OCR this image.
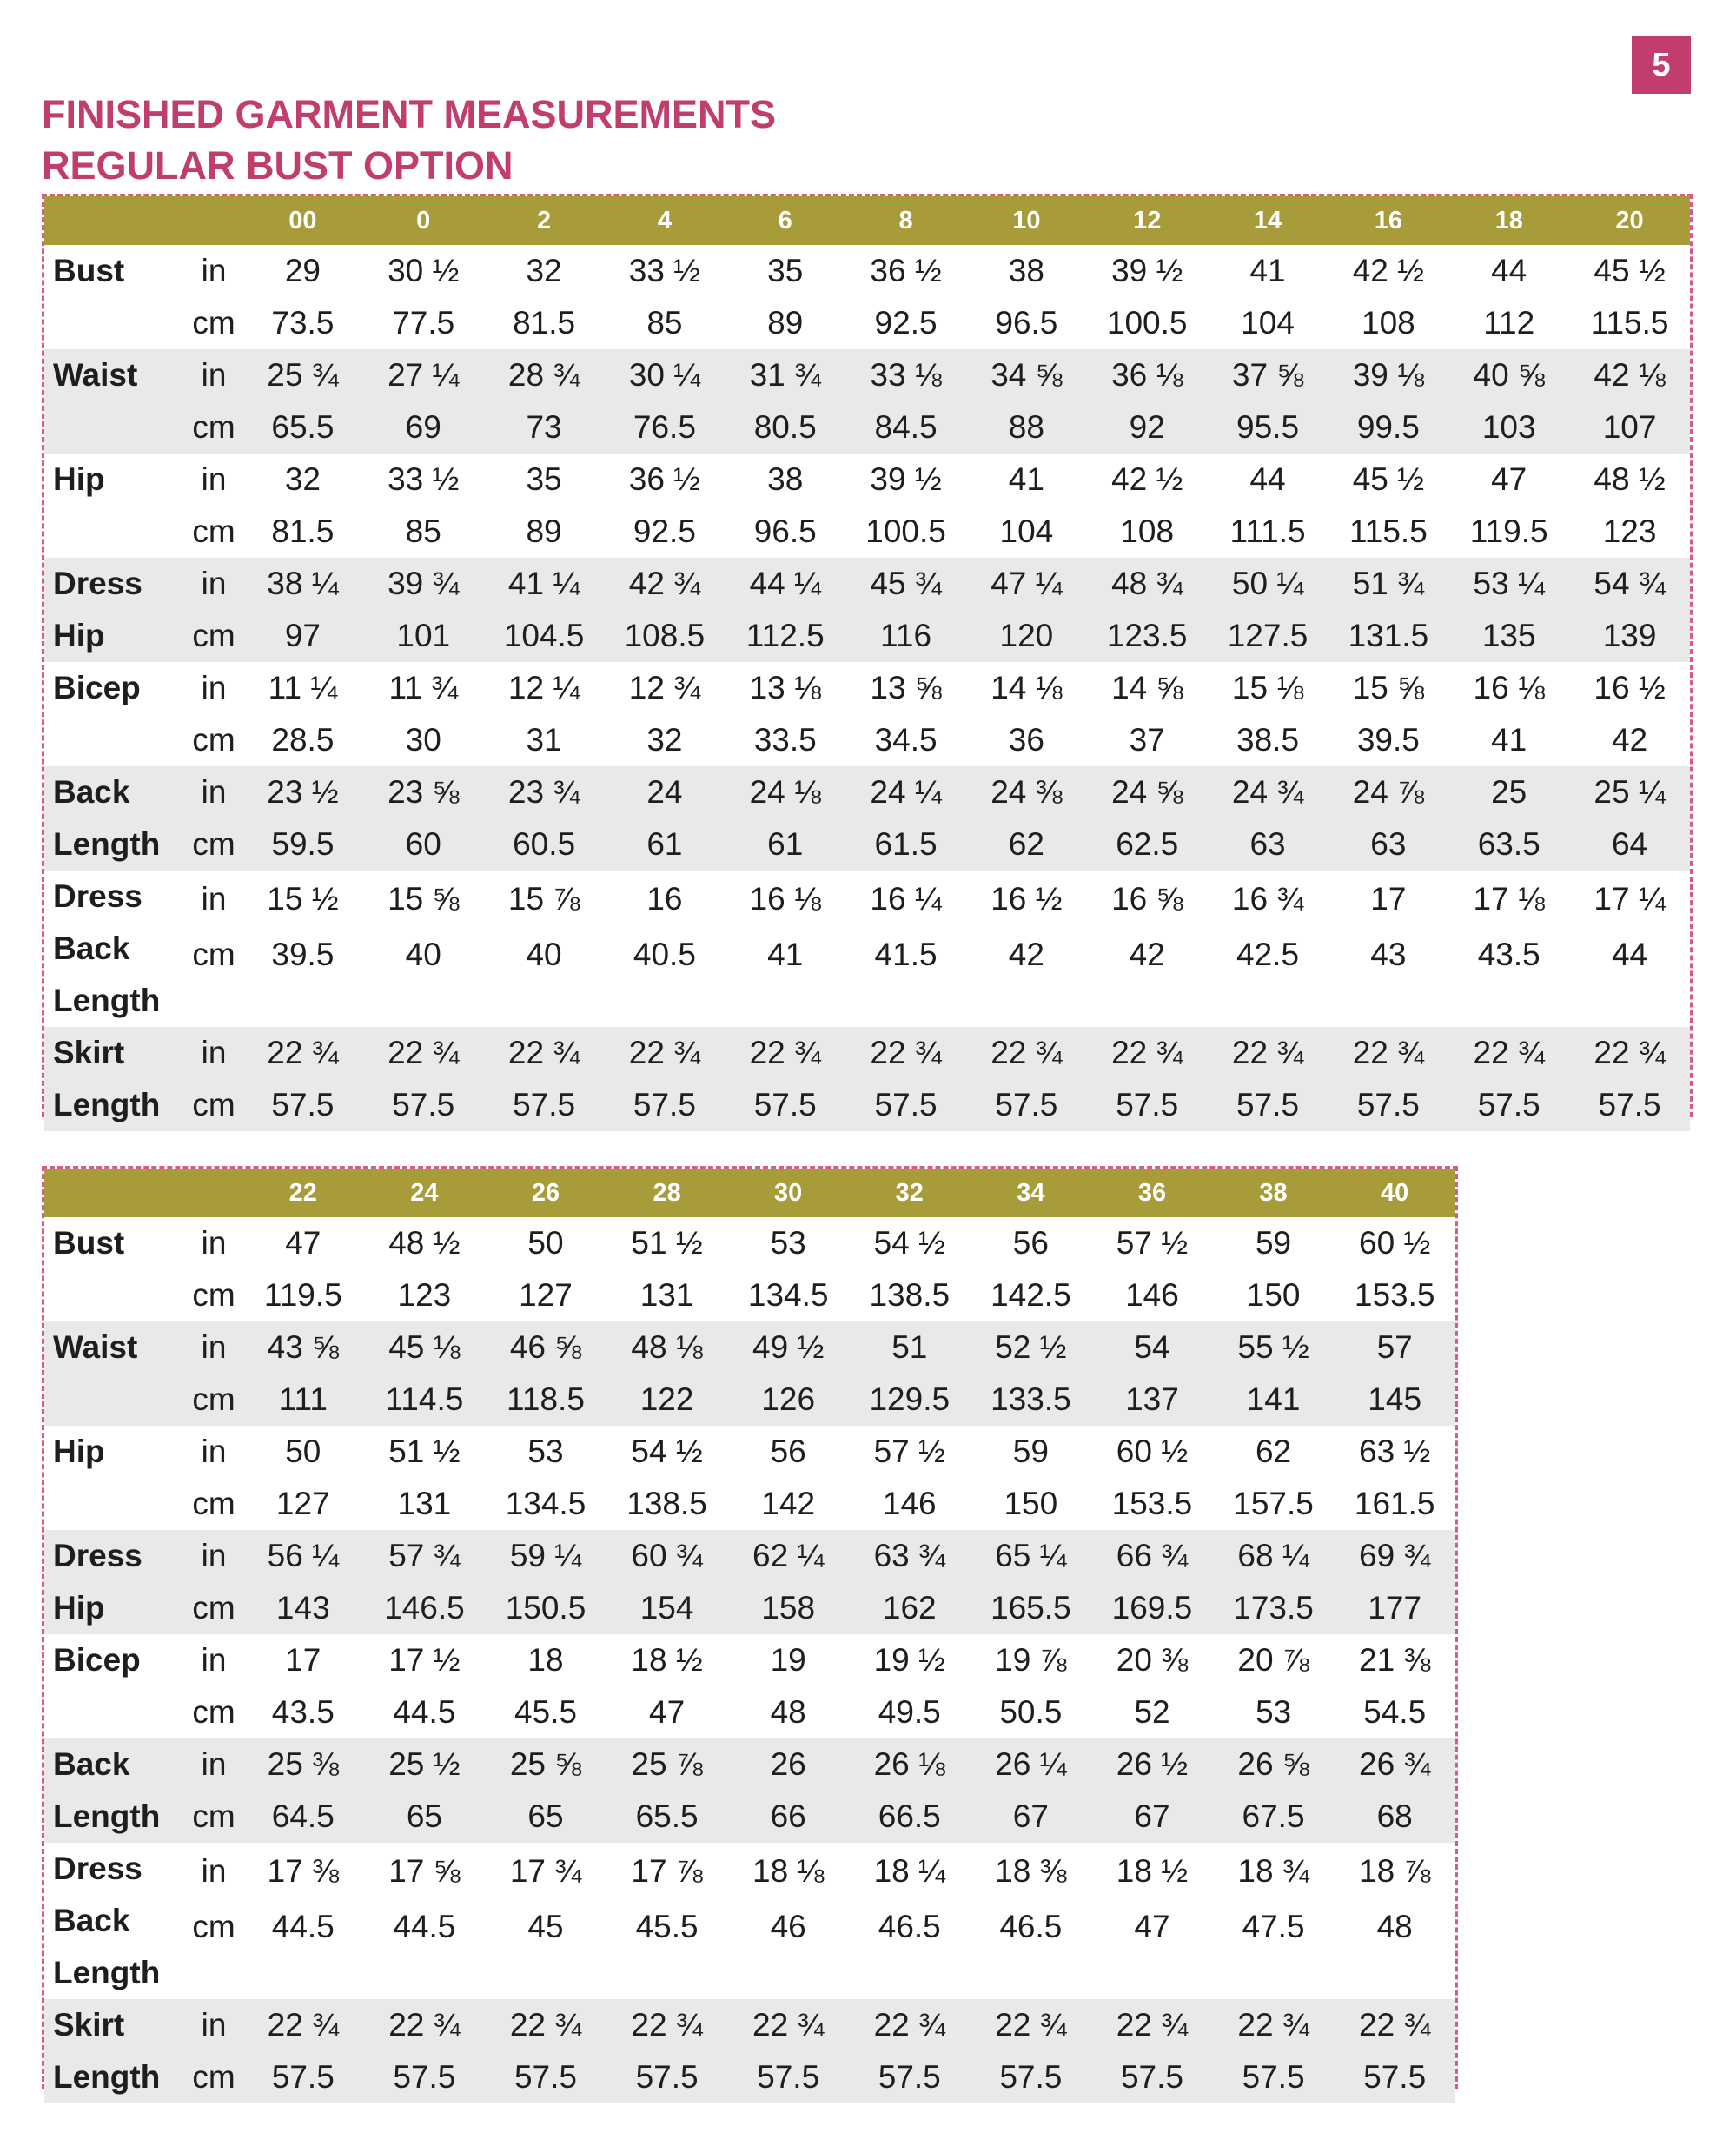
5
FINISHED GARMENT MEASUREMENTS
REGULAR BUST OPTION
		00	0	2	4	6	8	10	12	14	16	18	20
Bust	in	29	30 ½	32	33 ½	35	36 ½	38	39 ½	41	42 ½	44	45 ½
	cm	73.5	77.5	81.5	85	89	92.5	96.5	100.5	104	108	112	115.5
Waist	in	25 ¾	27 ¼	28 ¾	30 ¼	31 ¾	33 ⅛	34 ⅝	36 ⅛	37 ⅝	39 ⅛	40 ⅝	42 ⅛
	cm	65.5	69	73	76.5	80.5	84.5	88	92	95.5	99.5	103	107
Hip	in	32	33 ½	35	36 ½	38	39 ½	41	42 ½	44	45 ½	47	48 ½
	cm	81.5	85	89	92.5	96.5	100.5	104	108	111.5	115.5	119.5	123
Dress Hip	in	38 ¼	39 ¾	41 ¼	42 ¾	44 ¼	45 ¾	47 ¼	48 ¾	50 ¼	51 ¾	53 ¼	54 ¾
	cm	97	101	104.5	108.5	112.5	116	120	123.5	127.5	131.5	135	139
Bicep	in	11 ¼	11 ¾	12 ¼	12 ¾	13 ⅛	13 ⅝	14 ⅛	14 ⅝	15 ⅛	15 ⅝	16 ⅛	16 ½
	cm	28.5	30	31	32	33.5	34.5	36	37	38.5	39.5	41	42
Back Length	in	23 ½	23 ⅝	23 ¾	24	24 ⅛	24 ¼	24 ⅜	24 ⅝	24 ¾	24 ⅞	25	25 ¼
	cm	59.5	60	60.5	61	61	61.5	62	62.5	63	63	63.5	64
Dress Back Length	in	15 ½	15 ⅝	15 ⅞	16	16 ⅛	16 ¼	16 ½	16 ⅝	16 ¾	17	17 ⅛	17 ¼
	cm	39.5	40	40	40.5	41	41.5	42	42	42.5	43	43.5	44
Skirt Length	in	22 ¾	22 ¾	22 ¾	22 ¾	22 ¾	22 ¾	22 ¾	22 ¾	22 ¾	22 ¾	22 ¾	22 ¾
	cm	57.5	57.5	57.5	57.5	57.5	57.5	57.5	57.5	57.5	57.5	57.5	57.5
		22	24	26	28	30	32	34	36	38	40
Bust	in	47	48 ½	50	51 ½	53	54 ½	56	57 ½	59	60 ½
	cm	119.5	123	127	131	134.5	138.5	142.5	146	150	153.5
Waist	in	43 ⅝	45 ⅛	46 ⅝	48 ⅛	49 ½	51	52 ½	54	55 ½	57
	cm	111	114.5	118.5	122	126	129.5	133.5	137	141	145
Hip	in	50	51 ½	53	54 ½	56	57 ½	59	60 ½	62	63 ½
	cm	127	131	134.5	138.5	142	146	150	153.5	157.5	161.5
Dress Hip	in	56 ¼	57 ¾	59 ¼	60 ¾	62 ¼	63 ¾	65 ¼	66 ¾	68 ¼	69 ¾
	cm	143	146.5	150.5	154	158	162	165.5	169.5	173.5	177
Bicep	in	17	17 ½	18	18 ½	19	19 ½	19 ⅞	20 ⅜	20 ⅞	21 ⅜
	cm	43.5	44.5	45.5	47	48	49.5	50.5	52	53	54.5
Back Length	in	25 ⅜	25 ½	25 ⅝	25 ⅞	26	26 ⅛	26 ¼	26 ½	26 ⅝	26 ¾
	cm	64.5	65	65	65.5	66	66.5	67	67	67.5	68
Dress Back Length	in	17 ⅜	17 ⅝	17 ¾	17 ⅞	18 ⅛	18 ¼	18 ⅜	18 ½	18 ¾	18 ⅞
	cm	44.5	44.5	45	45.5	46	46.5	46.5	47	47.5	48
Skirt Length	in	22 ¾	22 ¾	22 ¾	22 ¾	22 ¾	22 ¾	22 ¾	22 ¾	22 ¾	22 ¾
	cm	57.5	57.5	57.5	57.5	57.5	57.5	57.5	57.5	57.5	57.5
